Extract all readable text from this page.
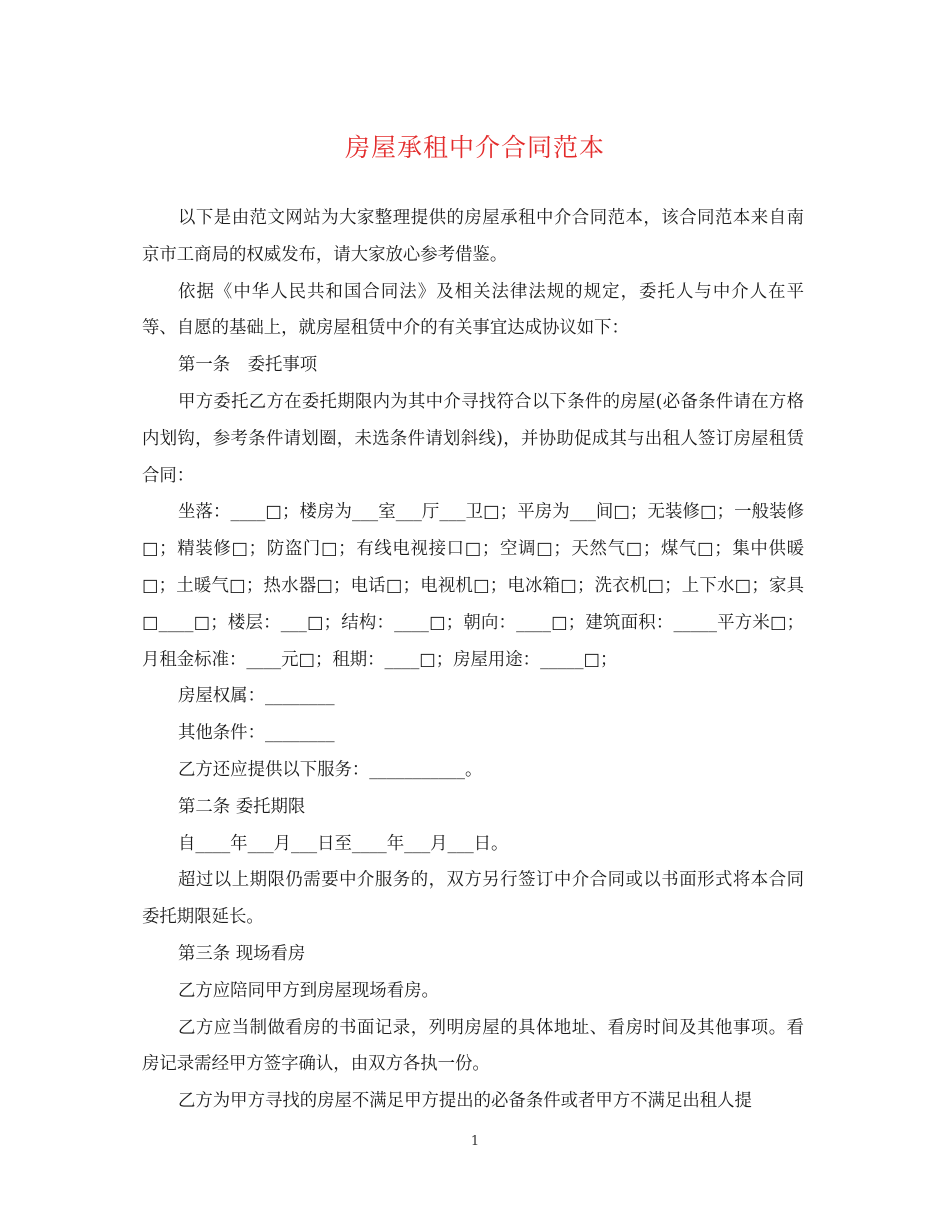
房屋承租中介合同范本

以下是由范文网站为大家整理提供的房屋承租中介合同范本，该合同范本来自南京市工商局的权威发布，请大家放心参考借鉴。

依据《中华人民共和国合同法》及相关法律法规的规定，委托人与中介人在平等、自愿的基础上，就房屋租赁中介的有关事宜达成协议如下：

第一条　委托事项

甲方委托乙方在委托期限内为其中介寻找符合以下条件的房屋(必备条件请在方格内划钩，参考条件请划圈，未选条件请划斜线)，并协助促成其与出租人签订房屋租赁合同：

坐落：____□；楼房为___室___厅___卫□；平房为___间□；无装修□；一般装修□；精装修□；防盗门□；有线电视接口□；空调□；天然气□；煤气□；集中供暖□；土暖气□；热水器□；电话□；电视机□；电冰箱□；洗衣机□；上下水□；家具□____□；楼层：___□；结构：____□；朝向：____□；建筑面积：_____平方米□；月租金标准：____元□；租期：____□；房屋用途：_____□；

房屋权属：________

其他条件：________

乙方还应提供以下服务：___________。

第二条 委托期限

自____年___月___日至____年___月___日。

超过以上期限仍需要中介服务的，双方另行签订中介合同或以书面形式将本合同委托期限延长。

第三条 现场看房

乙方应陪同甲方到房屋现场看房。

乙方应当制做看房的书面记录，列明房屋的具体地址、看房时间及其他事项。看房记录需经甲方签字确认，由双方各执一份。

乙方为甲方寻找的房屋不满足甲方提出的必备条件或者甲方不满足出租人提

1
